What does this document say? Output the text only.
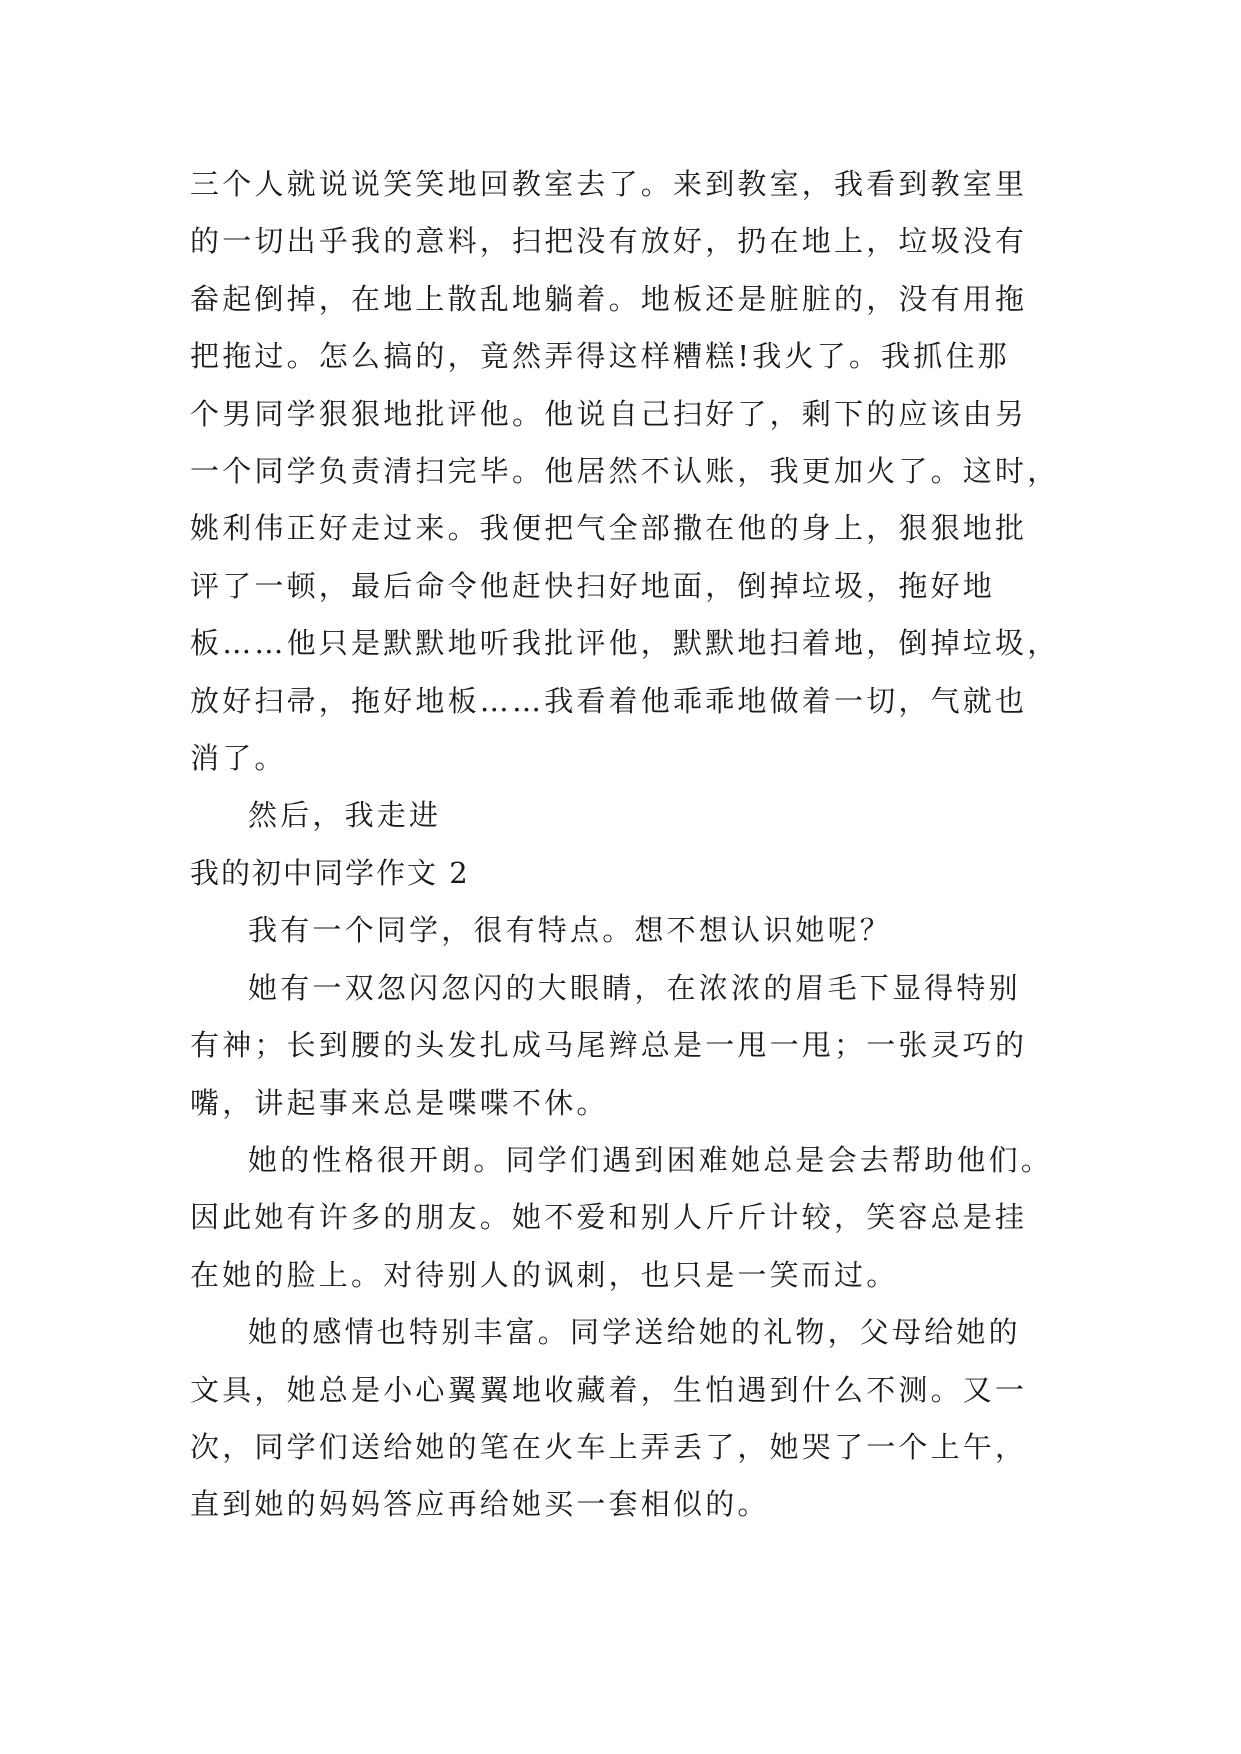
三个人就说说笑笑地回教室去了。来到教室，我看到教室里
的一切出乎我的意料，扫把没有放好，扔在地上，垃圾没有
畚起倒掉，在地上散乱地躺着。地板还是脏脏的，没有用拖
把拖过。怎么搞的，竟然弄得这样糟糕!我火了。我抓住那
个男同学狠狠地批评他。他说自己扫好了，剩下的应该由另
一个同学负责清扫完毕。他居然不认账，我更加火了。这时，
姚利伟正好走过来。我便把气全部撒在他的身上，狠狠地批
评了一顿，最后命令他赶快扫好地面，倒掉垃圾，拖好地
板……他只是默默地听我批评他，默默地扫着地，倒掉垃圾，
放好扫帚，拖好地板……我看着他乖乖地做着一切，气就也
消了。

然后，我走进

我的初中同学作文 2

我有一个同学，很有特点。想不想认识她呢？

她有一双忽闪忽闪的大眼睛，在浓浓的眉毛下显得特别
有神；长到腰的头发扎成马尾辫总是一甩一甩；一张灵巧的
嘴，讲起事来总是喋喋不休。

她的性格很开朗。同学们遇到困难她总是会去帮助他们。
因此她有许多的朋友。她不爱和别人斤斤计较，笑容总是挂
在她的脸上。对待别人的讽刺，也只是一笑而过。

她的感情也特别丰富。同学送给她的礼物，父母给她的
文具，她总是小心翼翼地收藏着，生怕遇到什么不测。又一
次，同学们送给她的笔在火车上弄丢了，她哭了一个上午，
直到她的妈妈答应再给她买一套相似的。
